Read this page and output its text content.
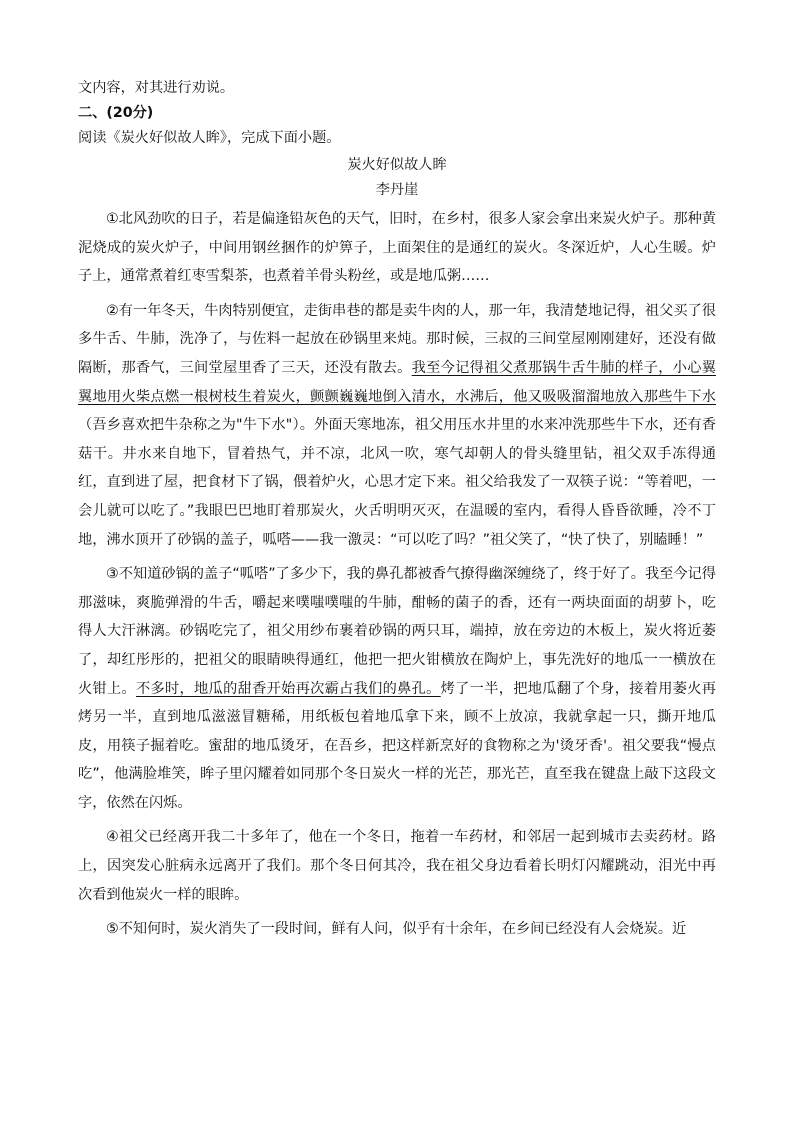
文内容，对其进行劝说。

二、(20分)

阅读《炭火好似故人眸》，完成下面小题。

炭火好似故人眸

李丹崖

①北风劲吹的日子，若是偏逢铅灰色的天气，旧时，在乡村，很多人家会拿出来炭火炉子。那种黄泥烧成的炭火炉子，中间用钢丝捆作的炉箅子，上面架住的是通红的炭火。冬深近炉，人心生暖。炉子上，通常煮着红枣雪梨茶，也煮着羊骨头粉丝，或是地瓜粥……

②有一年冬天，牛肉特别便宜，走街串巷的都是卖牛肉的人，那一年，我清楚地记得，祖父买了很多牛舌、牛肺，洗净了，与佐料一起放在砂锅里来炖。那时候，三叔的三间堂屋刚刚建好，还没有做隔断，那香气，三间堂屋里香了三天，还没有散去。我至今记得祖父煮那锅牛舌牛肺的样子，小心翼翼地用火柴点燃一根树枝生着炭火，颤颤巍巍地倒入清水，水沸后，他又吸吸溜溜地放入那些牛下水（吾乡喜欢把牛杂称之为"牛下水"）。外面天寒地冻，祖父用压水井里的水来冲洗那些牛下水，还有香菇干。井水来自地下，冒着热气，并不凉，北风一吹，寒气却朝人的骨头缝里钻，祖父双手冻得通红，直到进了屋，把食材下了锅，偎着炉火，心思才定下来。祖父给我发了一双筷子说：“等着吧，一会儿就可以吃了。”我眼巴巴地盯着那炭火，火舌明明灭灭，在温暖的室内，看得人昏昏欲睡，冷不丁地，沸水顶开了砂锅的盖子，呱嗒——我一激灵：“可以吃了吗？”祖父笑了，“快了快了，别瞌睡！”

③不知道砂锅的盖子“呱嗒”了多少下，我的鼻孔都被香气撩得幽深缠绕了，终于好了。我至今记得那滋味，爽脆弹滑的牛舌，嚼起来噗嗤噗嗤的牛肺，酣畅的菌子的香，还有一两块面面的胡萝卜，吃得人大汗淋漓。砂锅吃完了，祖父用纱布裹着砂锅的两只耳，端掉，放在旁边的木板上，炭火将近萎了，却红彤彤的，把祖父的眼睛映得通红，他把一把火钳横放在陶炉上，事先洗好的地瓜一一横放在火钳上。不多时，地瓜的甜香开始再次霸占我们的鼻孔。烤了一半，把地瓜翻了个身，接着用萎火再烤另一半，直到地瓜滋滋冒糖稀，用纸板包着地瓜拿下来，顾不上放凉，我就拿起一只，撕开地瓜皮，用筷子掘着吃。蜜甜的地瓜烫牙，在吾乡，把这样新烹好的食物称之为'烫牙香'。祖父要我“慢点吃”，他满脸堆笑，眸子里闪耀着如同那个冬日炭火一样的光芒，那光芒，直至我在键盘上敲下这段文字，依然在闪烁。

④祖父已经离开我二十多年了，他在一个冬日，拖着一车药材，和邻居一起到城市去卖药材。路上，因突发心脏病永远离开了我们。那个冬日何其冷，我在祖父身边看着长明灯闪耀跳动，泪光中再次看到他炭火一样的眼眸。

⑤不知何时，炭火消失了一段时间，鲜有人问，似乎有十余年，在乡间已经没有人会烧炭。近
